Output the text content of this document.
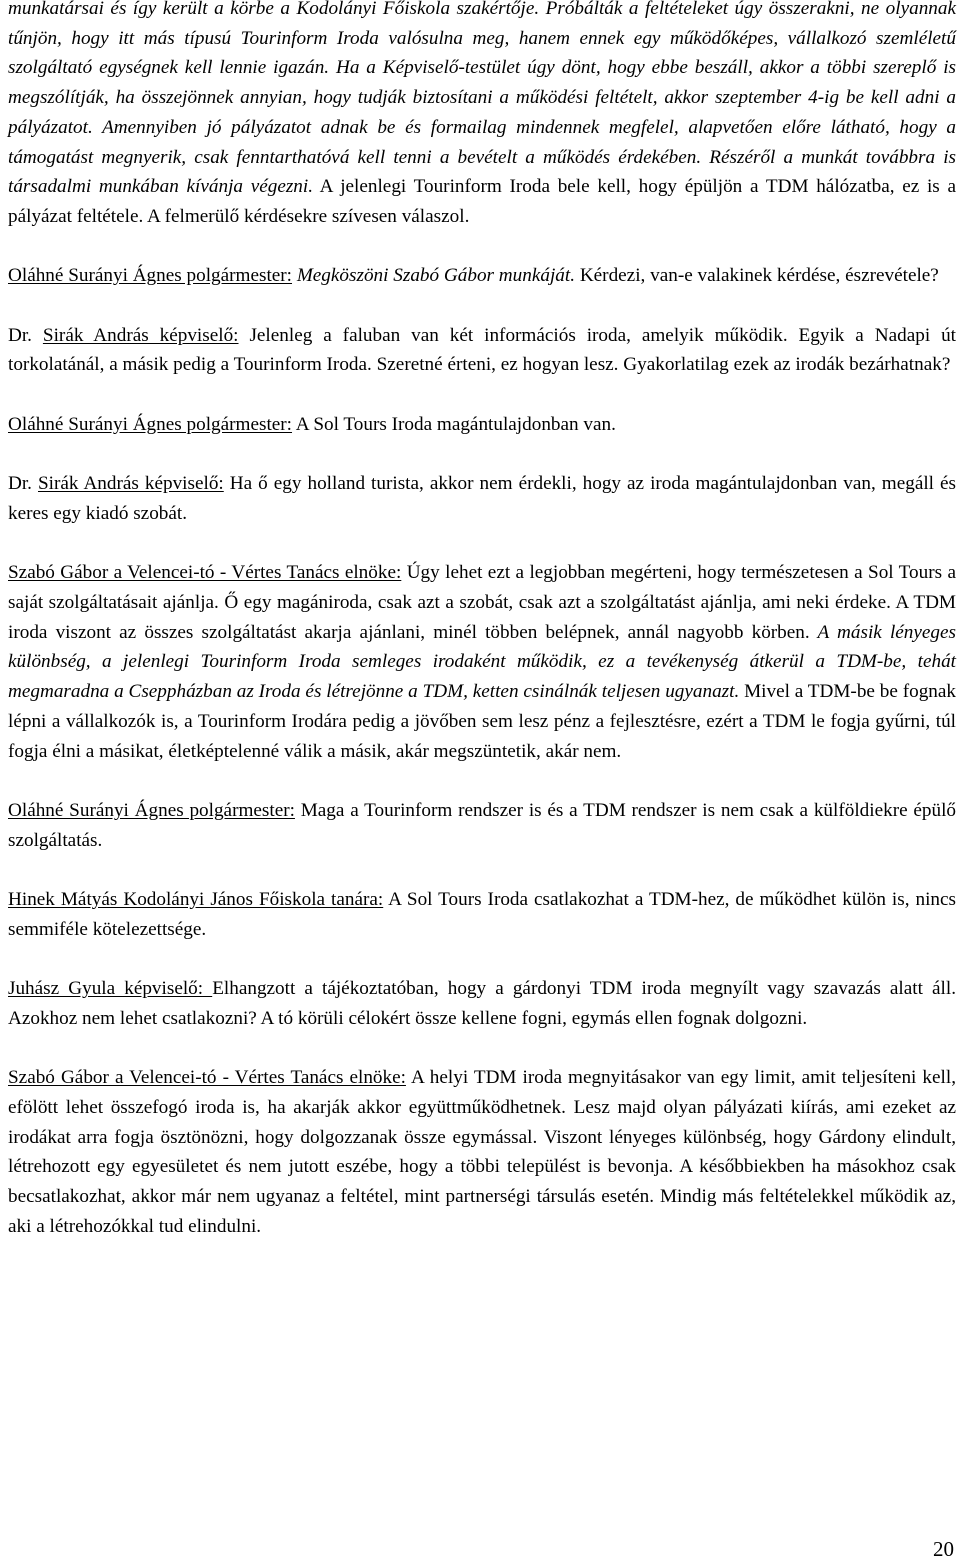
munkatársai és így került a körbe a Kodolányi Főiskola szakértője. Próbálták a feltételeket úgy összerakni, ne olyannak tűnjön, hogy itt más típusú Tourinform Iroda valósulna meg, hanem ennek egy működőképes, vállalkozó szemléletű szolgáltató egységnek kell lennie igazán. Ha a Képviselő-testület úgy dönt, hogy ebbe beszáll, akkor a többi szereplő is megszólítják, ha összejönnek annyian, hogy tudják biztosítani a működési feltételt, akkor szeptember 4-ig be kell adni a pályázatot. Amennyiben jó pályázatot adnak be és formailag mindennek megfelel, alapvetően előre látható, hogy a támogatást megnyerik, csak fenntarthatóvá kell tenni a bevételt a működés érdekében. Részéről a munkát továbbra is társadalmi munkában kívánja végezni. A jelenlegi Tourinform Iroda bele kell, hogy épüljön a TDM hálózatba, ez is a pályázat feltétele. A felmerülő kérdésekre szívesen válaszol.

Oláhné Surányi Ágnes polgármester: Megköszöni Szabó Gábor munkáját. Kérdezi, van-e valakinek kérdése, észrevétele?

Dr. Sirák András képviselő: Jelenleg a faluban van két információs iroda, amelyik működik. Egyik a Nadapi út torkolatánál, a másik pedig a Tourinform Iroda. Szeretné érteni, ez hogyan lesz. Gyakorlatilag ezek az irodák bezárhatnak?

Oláhné Surányi Ágnes polgármester: A Sol Tours Iroda magántulajdonban van.

Dr. Sirák András képviselő: Ha ő egy holland turista, akkor nem érdekli, hogy az iroda magántulajdonban van, megáll és keres egy kiadó szobát.

Szabó Gábor a Velencei-tó - Vértes Tanács elnöke: Úgy lehet ezt a legjobban megérteni, hogy természetesen a Sol Tours a saját szolgáltatásait ajánlja. Ő egy magániroda, csak azt a szobát, csak azt a szolgáltatást ajánlja, ami neki érdeke. A TDM iroda viszont az összes szolgáltatást akarja ajánlani, minél többen belépnek, annál nagyobb körben. A másik lényeges különbség, a jelenlegi Tourinform Iroda semleges irodaként működik, ez a tevékenység átkerül a TDM-be, tehát megmaradna a Cseppházban az Iroda és létrejönne a TDM, ketten csinálnák teljesen ugyanazt. Mivel a TDM-be be fognak lépni a vállalkozók is, a Tourinform Irodára pedig a jövőben sem lesz pénz a fejlesztésre, ezért a TDM le fogja gyűrni, túl fogja élni a másikat, életképtelenné válik a másik, akár megszüntetik, akár nem.

Oláhné Surányi Ágnes polgármester: Maga a Tourinform rendszer is és a TDM rendszer is nem csak a külföldiekre épülő szolgáltatás.

Hinek Mátyás Kodolányi János Főiskola tanára: A Sol Tours Iroda csatlakozhat a TDM-hez, de működhet külön is, nincs semmiféle kötelezettsége.

Juhász Gyula képviselő: Elhangzott a tájékoztatóban, hogy a gárdonyi TDM iroda megnyílt vagy szavazás alatt áll. Azokhoz nem lehet csatlakozni? A tó körüli célokért össze kellene fogni, egymás ellen fognak dolgozni.

Szabó Gábor a Velencei-tó - Vértes Tanács elnöke: A helyi TDM iroda megnyitásakor van egy limit, amit teljesíteni kell, efölött lehet összefogó iroda is, ha akarják akkor együttműködhetnek. Lesz majd olyan pályázati kiírás, ami ezeket az irodákat arra fogja ösztönözni, hogy dolgozzanak össze egymással. Viszont lényeges különbség, hogy Gárdony elindult, létrehozott egy egyesületet és nem jutott eszébe, hogy a többi települést is bevonja. A későbbiekben ha másokhoz csak becsatlakozhat, akkor már nem ugyanaz a feltétel, mint partnerségi társulás esetén. Mindig más feltételekkel működik az, aki a létrehozókkal tud elindulni.

20
